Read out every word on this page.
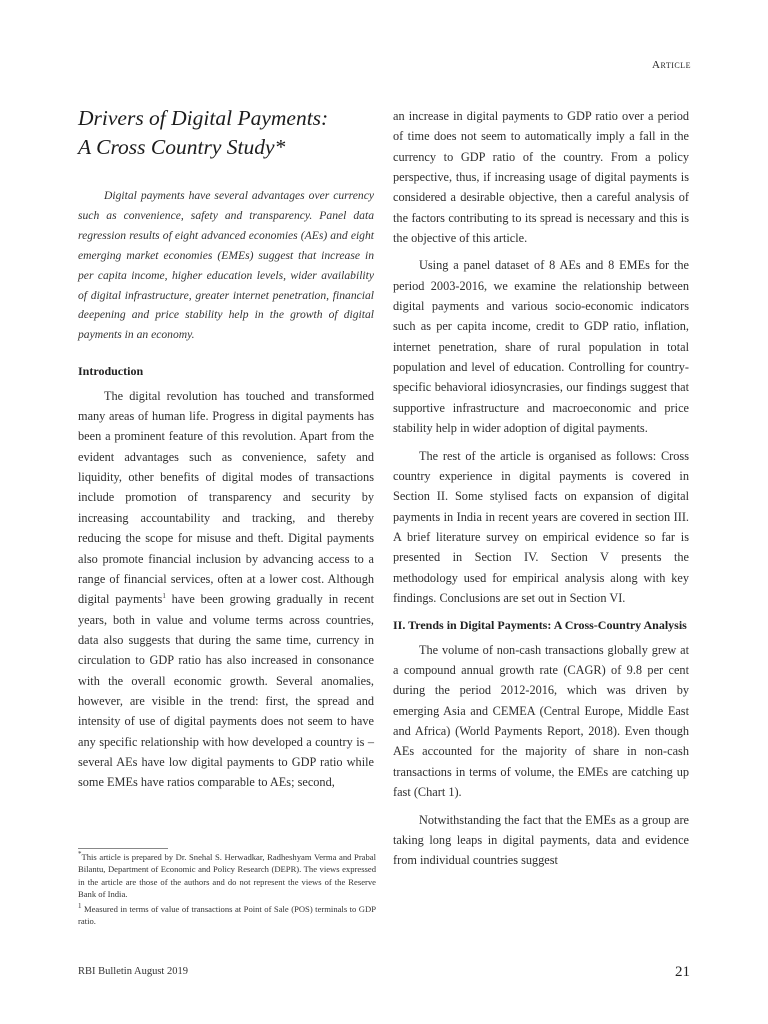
Article
Drivers of Digital Payments:
A Cross Country Study*

Digital payments have several advantages over currency such as convenience, safety and transparency. Panel data regression results of eight advanced economies (AEs) and eight emerging market economies (EMEs) suggest that increase in per capita income, higher education levels, wider availability of digital infrastructure, greater internet penetration, financial deepening and price stability help in the growth of digital payments in an economy.

Introduction

The digital revolution has touched and transformed many areas of human life. Progress in digital payments has been a prominent feature of this revolution. Apart from the evident advantages such as convenience, safety and liquidity, other benefits of digital modes of transactions include promotion of transparency and security by increasing accountability and tracking, and thereby reducing the scope for misuse and theft. Digital payments also promote financial inclusion by advancing access to a range of financial services, often at a lower cost. Although digital payments$^1$ have been growing gradually in recent years, both in value and volume terms across countries, data also suggests that during the same time, currency in circulation to GDP ratio has also increased in consonance with the overall economic growth. Several anomalies, however, are visible in the trend: first, the spread and intensity of use of digital payments does not seem to have any specific relationship with how developed a country is – several AEs have low digital payments to GDP ratio while some EMEs have ratios comparable to AEs; second,

an increase in digital payments to GDP ratio over a period of time does not seem to automatically imply a fall in the currency to GDP ratio of the country. From a policy perspective, thus, if increasing usage of digital payments is considered a desirable objective, then a careful analysis of the factors contributing to its spread is necessary and this is the objective of this article.

Using a panel dataset of 8 AEs and 8 EMEs for the period 2003-2016, we examine the relationship between digital payments and various socio-economic indicators such as per capita income, credit to GDP ratio, inflation, internet penetration, share of rural population in total population and level of education. Controlling for country-specific behavioral idiosyncrasies, our findings suggest that supportive infrastructure and macroeconomic and price stability help in wider adoption of digital payments.

The rest of the article is organised as follows: Cross country experience in digital payments is covered in Section II. Some stylised facts on expansion of digital payments in India in recent years are covered in section III. A brief literature survey on empirical evidence so far is presented in Section IV. Section V presents the methodology used for empirical analysis along with key findings. Conclusions are set out in Section VI.

II. Trends in Digital Payments: A Cross-Country Analysis

The volume of non-cash transactions globally grew at a compound annual growth rate (CAGR) of 9.8 per cent during the period 2012-2016, which was driven by emerging Asia and CEMEA (Central Europe, Middle East and Africa) (World Payments Report, 2018). Even though AEs accounted for the majority of share in non-cash transactions in terms of volume, the EMEs are catching up fast (Chart 1).

Notwithstanding the fact that the EMEs as a group are taking long leaps in digital payments, data and evidence from individual countries suggest

*This article is prepared by Dr. Snehal S. Herwadkar, Radheshyam Verma and Prabal Bilantu, Department of Economic and Policy Research (DEPR). The views expressed in the article are those of the authors and do not represent the views of the Reserve Bank of India.

$^1$ Measured in terms of value of transactions at Point of Sale (POS) terminals to GDP ratio.

RBI Bulletin August 2019	21
